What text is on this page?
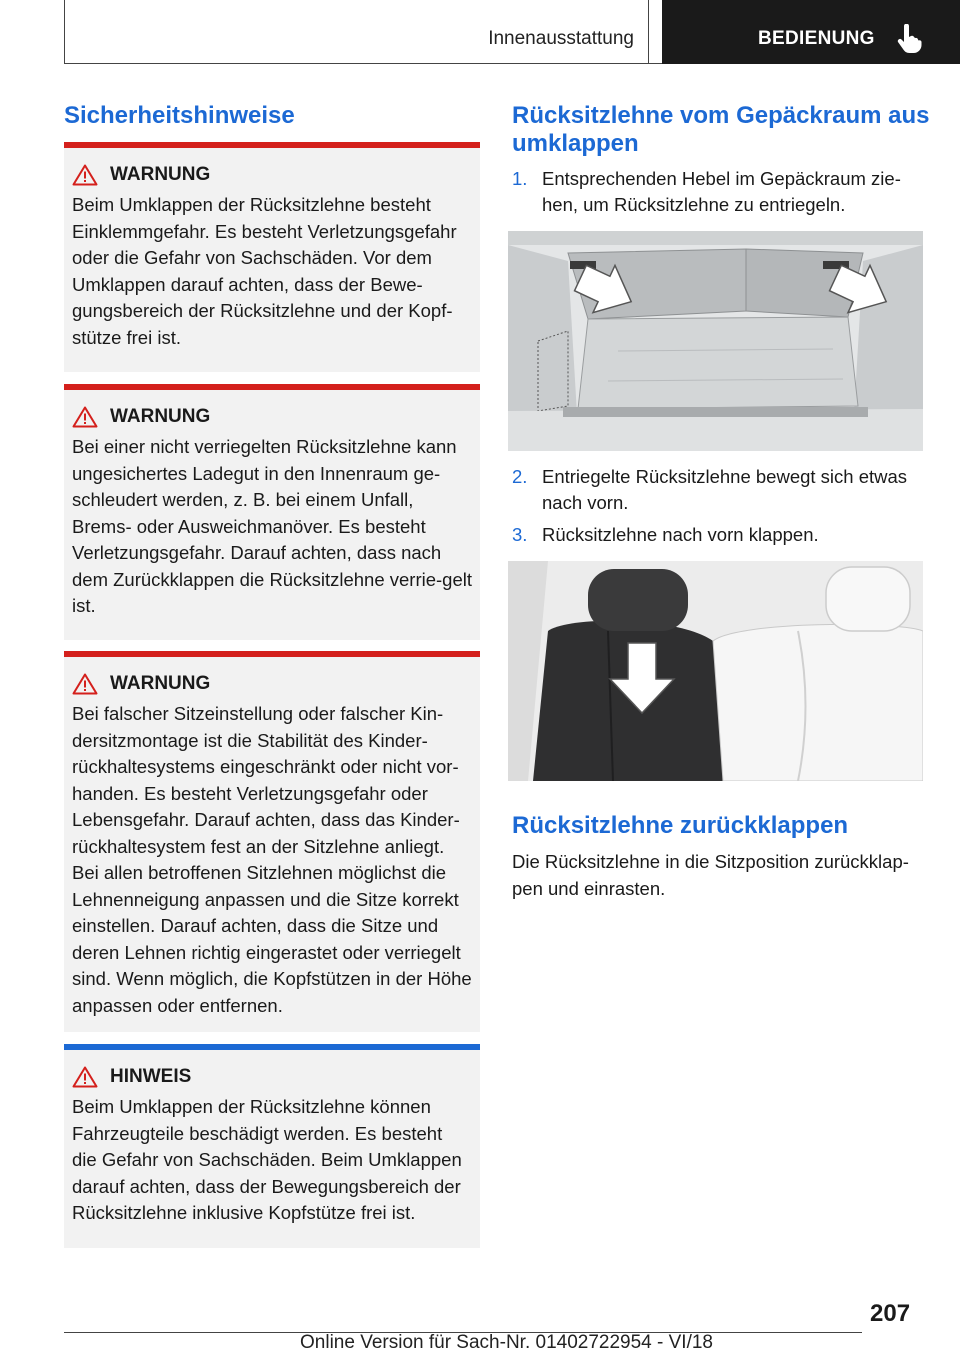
Innenausstattung	BEDIENUNG
Sicherheitshinweise
WARNUNG
Beim Umklappen der Rücksitzlehne besteht Einklemmgefahr. Es besteht Verletzungsgefahr oder die Gefahr von Sachschäden. Vor dem Umklappen darauf achten, dass der Bewe‐gungsbereich der Rücksitzlehne und der Kopf‐stütze frei ist.
WARNUNG
Bei einer nicht verriegelten Rücksitzlehne kann ungesichertes Ladegut in den Innenraum ge‐schleudert werden, z. B. bei einem Unfall, Brems- oder Ausweichmanöver. Es besteht Verletzungsgefahr. Darauf achten, dass nach dem Zurückklappen die Rücksitzlehne verrie‐gelt ist.
WARNUNG
Bei falscher Sitzeinstellung oder falscher Kin‐dersitzmontage ist die Stabilität des Kinder‐rückhaltesystems eingeschränkt oder nicht vor‐handen. Es besteht Verletzungsgefahr oder Lebensgefahr. Darauf achten, dass das Kinder‐rückhaltesystem fest an der Sitzlehne anliegt. Bei allen betroffenen Sitzlehnen möglichst die Lehnenneigung anpassen und die Sitze korrekt einstellen. Darauf achten, dass die Sitze und deren Lehnen richtig eingerastet oder verriegelt sind. Wenn möglich, die Kopfstützen in der Höhe anpassen oder entfernen.
HINWEIS
Beim Umklappen der Rücksitzlehne können Fahrzeugteile beschädigt werden. Es besteht die Gefahr von Sachschäden. Beim Umklappen darauf achten, dass der Bewegungsbereich der Rücksitzlehne inklusive Kopfstütze frei ist.
Rücksitzlehne vom Gepäckraum aus umklappen
1. Entsprechenden Hebel im Gepäckraum zie‐hen, um Rücksitzlehne zu entriegeln.
2. Entriegelte Rücksitzlehne bewegt sich etwas nach vorn.
3. Rücksitzlehne nach vorn klappen.
Rücksitzlehne zurückklappen
Die Rücksitzlehne in die Sitzposition zurückklap‐pen und einrasten.
207
Online Version für Sach-Nr. 01402722954 - VI/18
